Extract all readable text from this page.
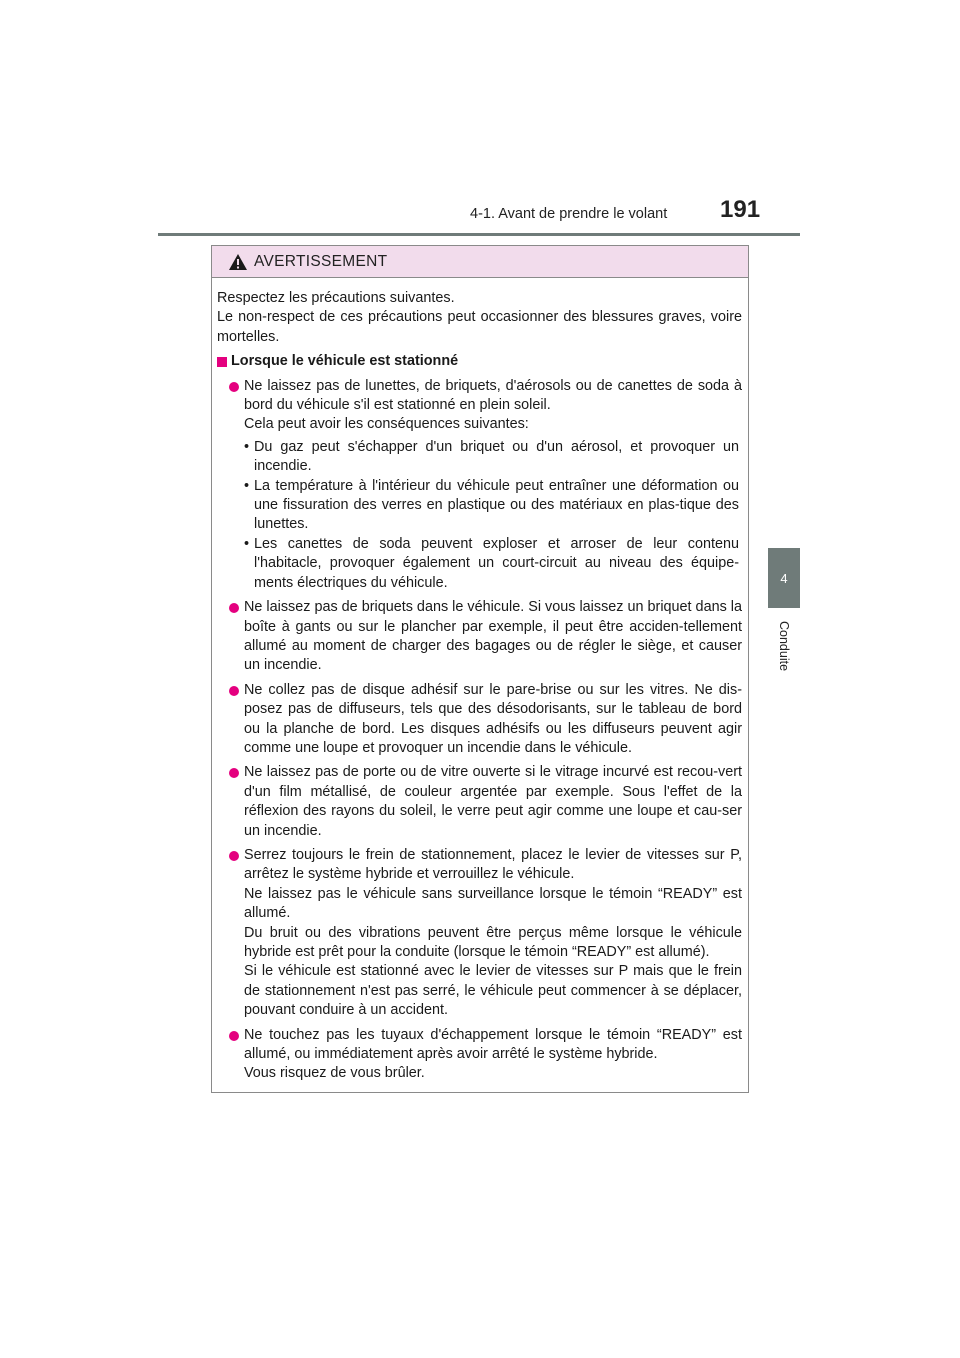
4-1. Avant de prendre le volant 191
4
Conduite
AVERTISSEMENT

Respectez les précautions suivantes.

Le non-respect de ces précautions peut occasionner des blessures graves, voire mortelles.

Lorsque le véhicule est stationné

Ne laissez pas de lunettes, de briquets, d'aérosols ou de canettes de soda à bord du véhicule s'il est stationné en plein soleil.

Cela peut avoir les conséquences suivantes:

• Du gaz peut s'échapper d'un briquet ou d'un aérosol, et provoquer un incendie.

• La température à l'intérieur du véhicule peut entraîner une déformation ou une fissuration des verres en plastique ou des matériaux en plas-tique des lunettes.

• Les canettes de soda peuvent exploser et arroser de leur contenu l'habitacle, provoquer également un court-circuit au niveau des équipe-ments électriques du véhicule.

Ne laissez pas de briquets dans le véhicule. Si vous laissez un briquet dans la boîte à gants ou sur le plancher par exemple, il peut être acciden-tellement allumé au moment de charger des bagages ou de régler le siège, et causer un incendie.

Ne collez pas de disque adhésif sur le pare-brise ou sur les vitres. Ne dis-posez pas de diffuseurs, tels que des désodorisants, sur le tableau de bord ou la planche de bord. Les disques adhésifs ou les diffuseurs peuvent agir comme une loupe et provoquer un incendie dans le véhicule.

Ne laissez pas de porte ou de vitre ouverte si le vitrage incurvé est recou-vert d'un film métallisé, de couleur argentée par exemple. Sous l'effet de la réflexion des rayons du soleil, le verre peut agir comme une loupe et cau-ser un incendie.

Serrez toujours le frein de stationnement, placez le levier de vitesses sur P, arrêtez le système hybride et verrouillez le véhicule.

Ne laissez pas le véhicule sans surveillance lorsque le témoin “READY” est allumé.

Du bruit ou des vibrations peuvent être perçus même lorsque le véhicule hybride est prêt pour la conduite (lorsque le témoin “READY” est allumé).

Si le véhicule est stationné avec le levier de vitesses sur P mais que le frein de stationnement n'est pas serré, le véhicule peut commencer à se déplacer, pouvant conduire à un accident.

Ne touchez pas les tuyaux d'échappement lorsque le témoin “READY” est allumé, ou immédiatement après avoir arrêté le système hybride.

Vous risquez de vous brûler.
